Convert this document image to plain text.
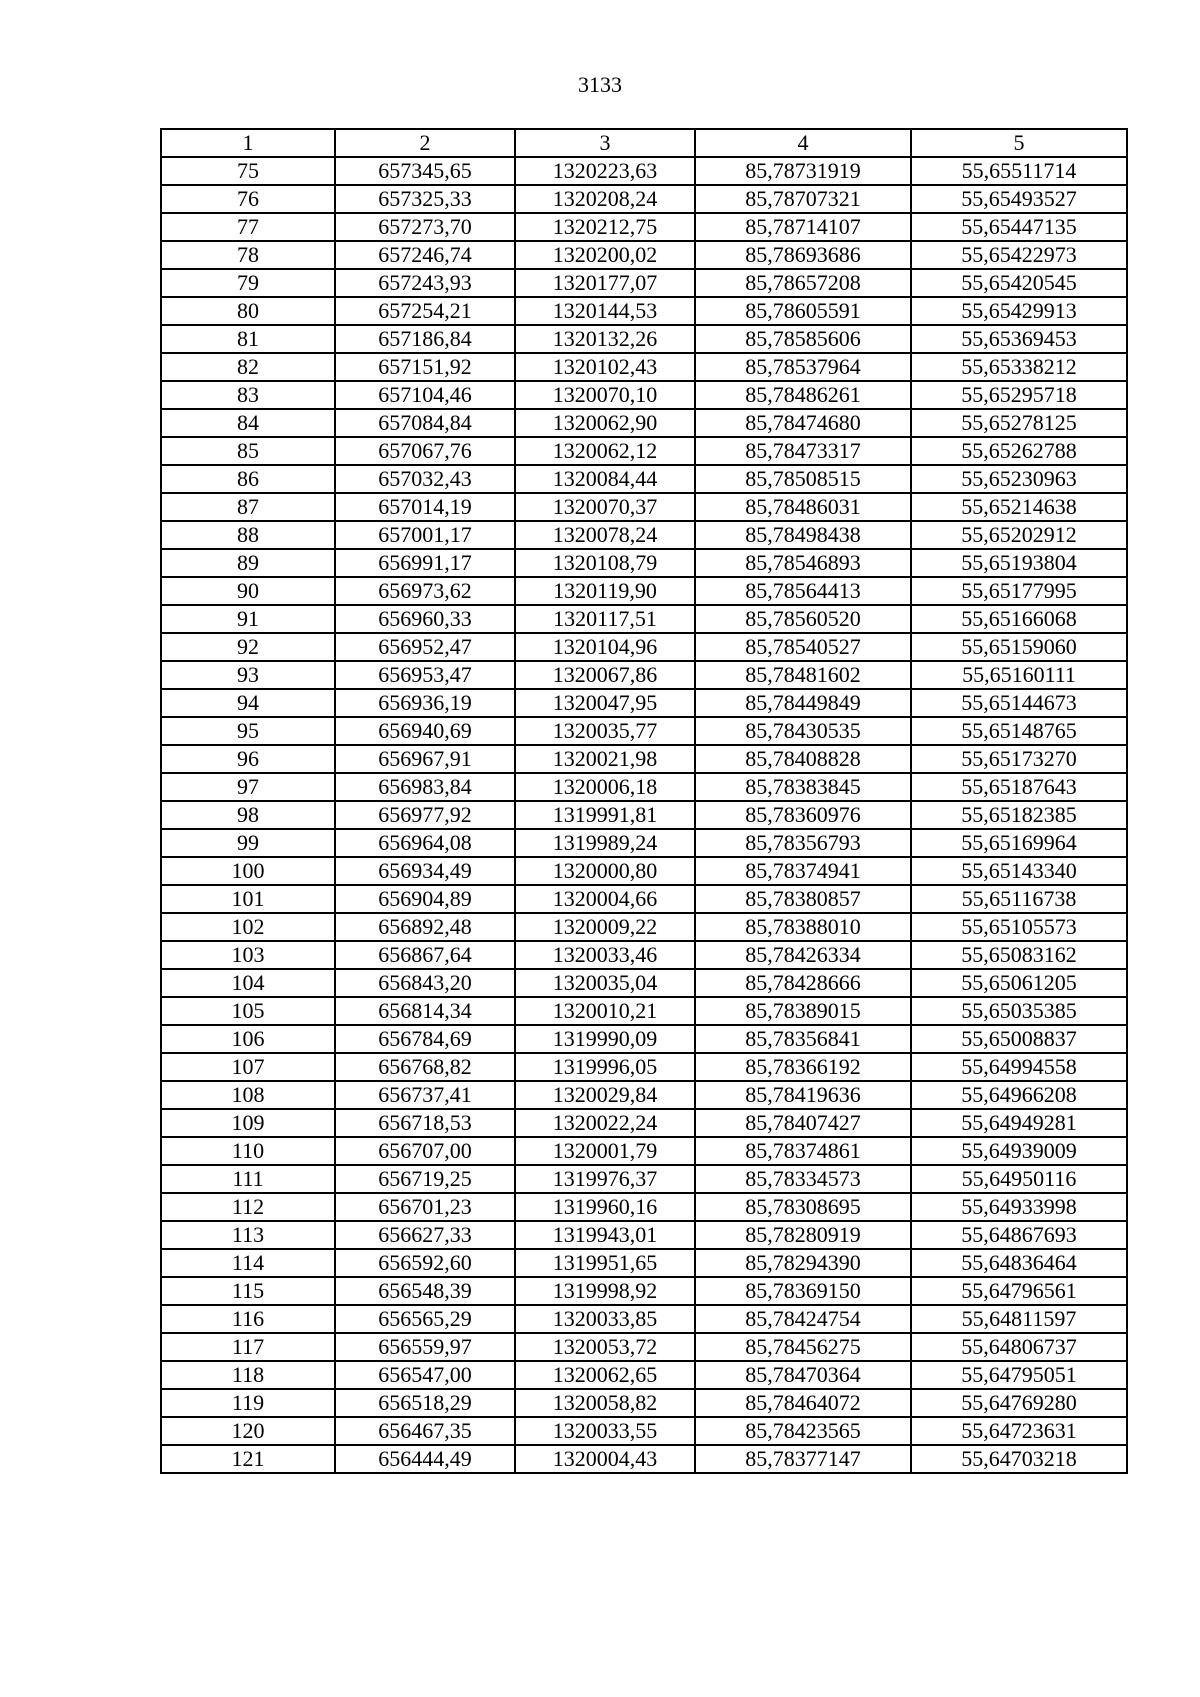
3133
1	2	3	4	5
75	657345,65	1320223,63	85,78731919	55,65511714
76	657325,33	1320208,24	85,78707321	55,65493527
77	657273,70	1320212,75	85,78714107	55,65447135
78	657246,74	1320200,02	85,78693686	55,65422973
79	657243,93	1320177,07	85,78657208	55,65420545
80	657254,21	1320144,53	85,78605591	55,65429913
81	657186,84	1320132,26	85,78585606	55,65369453
82	657151,92	1320102,43	85,78537964	55,65338212
83	657104,46	1320070,10	85,78486261	55,65295718
84	657084,84	1320062,90	85,78474680	55,65278125
85	657067,76	1320062,12	85,78473317	55,65262788
86	657032,43	1320084,44	85,78508515	55,65230963
87	657014,19	1320070,37	85,78486031	55,65214638
88	657001,17	1320078,24	85,78498438	55,65202912
89	656991,17	1320108,79	85,78546893	55,65193804
90	656973,62	1320119,90	85,78564413	55,65177995
91	656960,33	1320117,51	85,78560520	55,65166068
92	656952,47	1320104,96	85,78540527	55,65159060
93	656953,47	1320067,86	85,78481602	55,65160111
94	656936,19	1320047,95	85,78449849	55,65144673
95	656940,69	1320035,77	85,78430535	55,65148765
96	656967,91	1320021,98	85,78408828	55,65173270
97	656983,84	1320006,18	85,78383845	55,65187643
98	656977,92	1319991,81	85,78360976	55,65182385
99	656964,08	1319989,24	85,78356793	55,65169964
100	656934,49	1320000,80	85,78374941	55,65143340
101	656904,89	1320004,66	85,78380857	55,65116738
102	656892,48	1320009,22	85,78388010	55,65105573
103	656867,64	1320033,46	85,78426334	55,65083162
104	656843,20	1320035,04	85,78428666	55,65061205
105	656814,34	1320010,21	85,78389015	55,65035385
106	656784,69	1319990,09	85,78356841	55,65008837
107	656768,82	1319996,05	85,78366192	55,64994558
108	656737,41	1320029,84	85,78419636	55,64966208
109	656718,53	1320022,24	85,78407427	55,64949281
110	656707,00	1320001,79	85,78374861	55,64939009
111	656719,25	1319976,37	85,78334573	55,64950116
112	656701,23	1319960,16	85,78308695	55,64933998
113	656627,33	1319943,01	85,78280919	55,64867693
114	656592,60	1319951,65	85,78294390	55,64836464
115	656548,39	1319998,92	85,78369150	55,64796561
116	656565,29	1320033,85	85,78424754	55,64811597
117	656559,97	1320053,72	85,78456275	55,64806737
118	656547,00	1320062,65	85,78470364	55,64795051
119	656518,29	1320058,82	85,78464072	55,64769280
120	656467,35	1320033,55	85,78423565	55,64723631
121	656444,49	1320004,43	85,78377147	55,64703218
